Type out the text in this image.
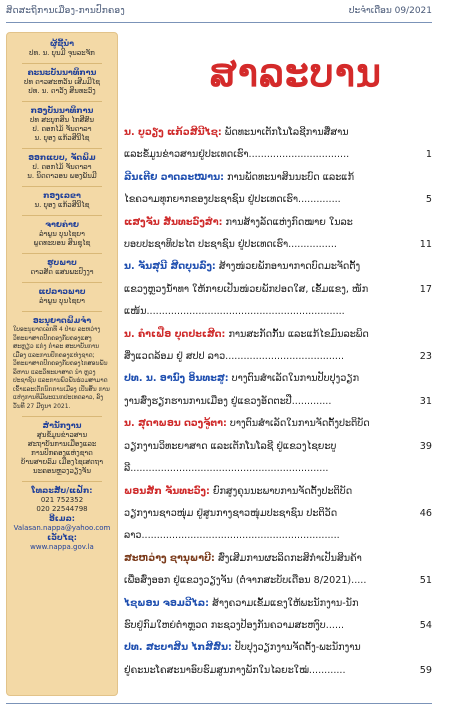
ສິດສະຖິການເມືອງ-ການປົກຄອງ	ປະຈຳເດືອນ 09/2021
ຜູ້ຊີ້ນຳ
ປທ. ນ. ບຸນມີ ຈຸນລະຈັກ
ຄະນະບັນນາທິການ
ປທ ດາວສະຫວັນ ເສີມມີໄຊ
ປທ. ນ. ດາວັງ ສິນທະວົງ
ກອງບັນນາທິການ
ປທ ສະບູກສິນ ໄກສີສົນ
ປ. ດອກໄມ້ ຈັນດາລາ
ນ. ບຸອງ ແກ້ວສີນີໄຊ
ອອກແບບ, ຈັດພິມ
ປ. ດອກໄມ້ ຈັນດາລາ
ນ. ນິດດາວອນ ພອງພັນມີ
ກອງເລຂາ
ນ. ບຸອງ ແກ້ວສີນີໄຊ
ຈາຍຄ່າຍ
ລຳພູນ ບຸນໄຊຍາ
ພູດທະບອນ ສິນຊຸໄຊ
ຮູບພາບ
ດາວສັດ ແສນພະປົງງາ
ແປລາວພາບ
ລຳພູນ ບຸນໄຊຍາ
ອະນຸຍາດພິມຈຳ
ໃບອະນຸຍາດເລກທີ 4 ປ່າຍ ລະຫວ່າງ ວິທະຍາສາດປົກຄອງກັບຄອງແສງສະຫຼຽວ ແກ່ງ ກຳລະ ສະບາບັນການເມືອງ ແລະການປົກຄອງແຫ່ງຊາດ; ວິທະຍາສາດປົກຄອງກັບຄອງໄກສອນພັນລິຫານ ແລະວິທະຍາສາດ ນຳ ຫຼວງປະຊາຊົນ ແລະການພົວພັນຮ່ວມສາມາດເຂົ້າແລະເຕັກນິກການເມືອງ ເປັນສິ້ນ ການ ແຫ່ງການທິມີພະແນກປະເທດລາວ, ລົງວັນທີ 27 ມີຖຸນາ 2021.
ສຳນັກງານ
ສູນຂໍ້ມູນຂ່າວສານ
ສະຖາບັນການເມືອງແລະ
ການປົກຄອງແຫ່ງຊາດ
ບ້ານສາຍລົມ ເມືອງໄຊເສດຖາ
ນະຄອນຫຼວງວຽງຈັນ
ໂທລະສັບ/ແຟັກ:
021 752352
020 22544798
ອີເມລ:
Valasan.nappa@yahoo.com
ເວັບໄຊ:
www.nappa.gov.la
ສາລະບານ
ນ. ບູວຽງ ແກ້ວສີນີໄຊ: ພັດທະນາເຕັກໂນໂລຊີການສື່ສານ
1
ແລະຂໍ້ມູນຂ່າວສານຢູ່ປະເທດເຮົາ.................................
ລີນເຕີຍ ວາດລະໝານ: ການພັດທະນາສິນນະບົດ ແລະແກ້
5
ໄຂຄວາມທຸກຍາກຂອງປະຊາຊົນ ຢູ່ປະເທດເຮົາ..............
ແສງຈັນ ສັນທະວົງສໍາ: ການສ້າງລັດແຫ່ງກົດໝາຍ ໃນລະ
11
ບອບປະຊາທິປະໄຕ ປະຊາຊົນ ຢູ່ປະເທດເຮົາ................
ນ. ຈັນສຸນີ ສີດບຸນລົງ: ສ້າງໜ່ວຍພັກອານາກາດບົດມະຈັດຕັ້ງ
17
ແຂວງຫຼວງນ້ຳທາ ໃຫ້ກາຍເປັນໜ່ວຍພັກປອດໃສ, ເຂັ້ມແຂງ, ໜັກແໜ້ນ.................................................................
ນ. ຄຳເຟືອ ບຸດປະເສີດ: ການສະກັດກັ້ນ ແລະແກ້ໄຂມົນລະພິດ
23
ສິ່ງແວດລ້ອມ ຢູ່ ສປປ ລາວ.......................................
ປທ. ນ. ອານົງ ອິນທະສູ: ບາງຕົນສຳເລັດໃນການປັບປຸງວຽກ
31
ງານສົ່ງຮຽກຮານການເມືອງ ຢູ່ແຂວງອັດຕະປື.............
ນ. ສຸດາພອນ ດວງຈູ້ຕາ: ບາງຕົນສຳເລັດໃນການຈັດຕັ້ງປະຕິບັດ
39
ວຽກງານວິທະຍາສາດ ແລະເຕັກໂນໂລຊີ ຢູ່ແຂວງໄຊຍະບູລີ.................................................................
ພອນສັກ ຈັນທະວົງ: ຍົກສູງຄຸນນະພາບການຈັດຕັ້ງປະຕິບັດ
46
ວຽກງານຊາວໜຸ່ມ ຢູ່ສູນກາງຊາວໜຸ່ມປະຊາຊົນ ປະຕິວັດລາວ.................................................................
ສະຫວ່າງ ຊານຸພາບີ: ສົ່ງເສີມການຜະລິດກະສິກຳເປັນສິນຄ້າ
51
ເພື່ອສົ່ງອອກ ຢູ່ແຂວງວຽງຈັນ (ຕໍ່ຈາກສະບັບເດືອນ 8/2021).....
ໄຊພອນ ຈອມວີໄລ: ສ້າງຄວາມເຂັ້ມແຂງໃຫ້ພະນັກງານ-ນັກ
54
ຮົບຢູ່ກົມໃຫຍ່ຕຳຫຼວດ ກະຊວງປ້ອງກັນຄວາມສະຫງົບ......
ປທ. ສະບາສິນ ໄກສີສົນ: ປັບປຸງວຽກງານຈັດຕັ້ງ-ພະນັກງານ
59
ຢູ່ຄະນະໂຄສະນາອົບຮົມສູນກາງພັກໃນໄລຍະໃໝ່............
